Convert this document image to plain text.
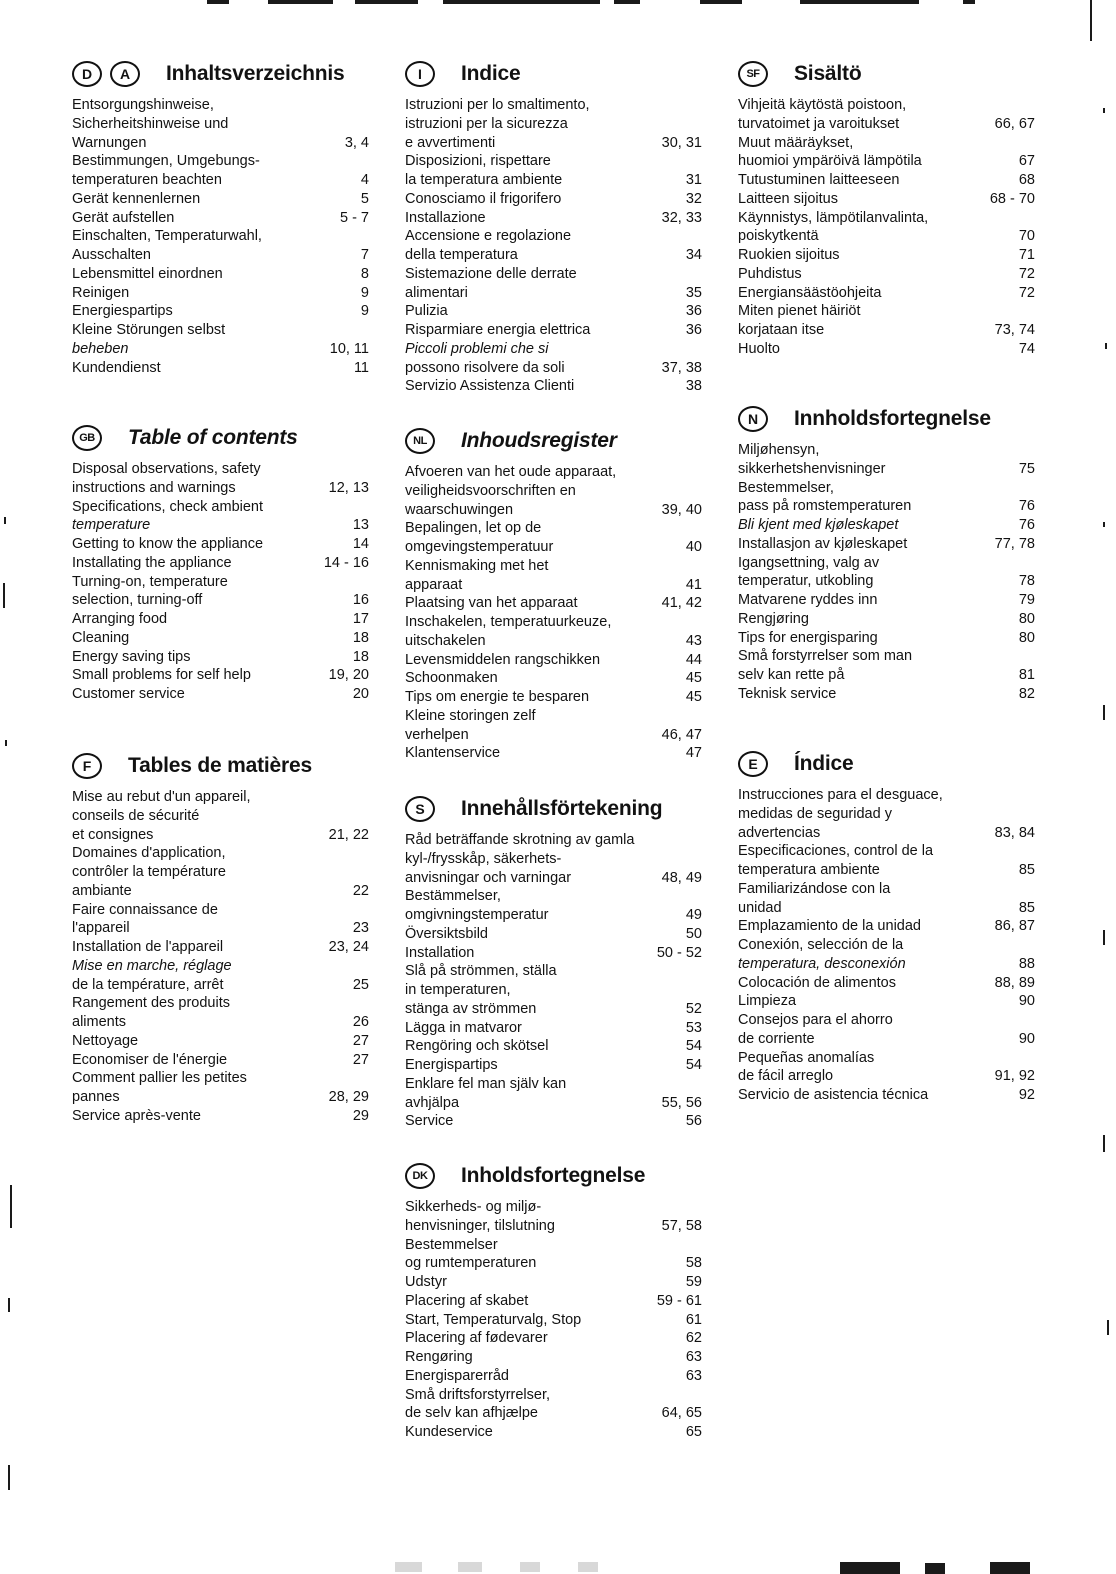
D	A	Inhaltsverzeichnis
Entsorgungshinweise,
Sicherheitshinweise und
Warnungen	3, 4
Bestimmungen, Umgebungs-
temperaturen beachten	4
Gerät kennenlernen	5
Gerät aufstellen	5 - 7
Einschalten, Temperaturwahl,
Ausschalten	7
Lebensmittel einordnen	8
Reinigen	9
Energiespartips	9
Kleine Störungen selbst
beheben	10, 11
Kundendienst	11
GB	Table of contents
Disposal observations, safety
instructions and warnings	12, 13
Specifications, check ambient
temperature	13
Getting to know the appliance	14
Installating the appliance	14 - 16
Turning-on, temperature
selection, turning-off	16
Arranging food	17
Cleaning	18
Energy saving tips	18
Small problems for self help	19, 20
Customer service	20
F	Tables de matières
Mise au rebut d'un appareil,
conseils de sécurité
et consignes	21, 22
Domaines d'application,
contrôler la température
ambiante	22
Faire connaissance de
l'appareil	23
Installation de l'appareil	23, 24
Mise en marche, réglage
de la température, arrêt	25
Rangement des produits
aliments	26
Nettoyage	27
Economiser de l'énergie	27
Comment pallier les petites
pannes	28, 29
Service après-vente	29
I	Indice
Istruzioni per lo smaltimento,
istruzioni per la sicurezza
e avvertimenti	30, 31
Disposizioni, rispettare
la temperatura ambiente	31
Conosciamo il frigorifero	32
Installazione	32, 33
Accensione e regolazione
della temperatura	34
Sistemazione delle derrate
alimentari	35
Pulizia	36
Risparmiare energia elettrica	36
Piccoli problemi che si
possono risolvere da soli	37, 38
Servizio Assistenza Clienti	38
NL	Inhoudsregister
Afvoeren van het oude apparaat,
veiligheidsvoorschriften en
waarschuwingen	39, 40
Bepalingen, let op de
omgevingstemperatuur	40
Kennismaking met het
apparaat	41
Plaatsing van het apparaat	41, 42
Inschakelen, temperatuurkeuze,
uitschakelen	43
Levensmiddelen rangschikken	44
Schoonmaken	45
Tips om energie te besparen	45
Kleine storingen zelf
verhelpen	46, 47
Klantenservice	47
S	Innehållsförtekening
Råd beträffande skrotning av gamla
kyl-/frysskåp, säkerhets-
anvisningar och varningar	48, 49
Bestämmelser,
omgivningstemperatur	49
Översiktsbild	50
Installation	50 - 52
Slå på strömmen, ställa
in temperaturen,
stänga av strömmen	52
Lägga in matvaror	53
Rengöring och skötsel	54
Energispartips	54
Enklare fel man själv kan
avhjälpa	55, 56
Service	56
DK	Inholdsfortegnelse
Sikkerheds- og miljø-
henvisninger, tilslutning	57, 58
Bestemmelser
og rumtemperaturen	58
Udstyr	59
Placering af skabet	59 - 61
Start, Temperaturvalg, Stop	61
Placering af fødevarer	62
Rengøring	63
Energisparerråd	63
Små driftsforstyrrelser,
de selv kan afhjælpe	64, 65
Kundeservice	65
SF	Sisältö
Vihjeitä käytöstä poistoon,
turvatoimet ja varoitukset	66, 67
Muut määräykset,
huomioi ympäröivä lämpötila	67
Tutustuminen laitteeseen	68
Laitteen sijoitus	68 - 70
Käynnistys, lämpötilanvalinta,
poiskytkentä	70
Ruokien sijoitus	71
Puhdistus	72
Energiansäästöohjeita	72
Miten pienet häiriöt
korjataan itse	73, 74
Huolto	74
N	Innholdsfortegnelse
Miljøhensyn,
sikkerhetshenvisninger	75
Bestemmelser,
pass på romstemperaturen	76
Bli kjent med kjøleskapet	76
Installasjon av kjøleskapet	77, 78
Igangsettning, valg av
temperatur, utkobling	78
Matvarene ryddes inn	79
Rengjøring	80
Tips for energisparing	80
Små forstyrrelser som man
selv kan rette på	81
Teknisk service	82
E	Índice
Instrucciones para el desguace,
medidas de seguridad y
advertencias	83, 84
Especificaciones, control de la
temperatura ambiente	85
Familiarizándose con la
unidad	85
Emplazamiento de la unidad	86, 87
Conexión, selección de la
temperatura, desconexión	88
Colocación de alimentos	88, 89
Limpieza	90
Consejos para el ahorro
de corriente	90
Pequeñas anomalías
de fácil arreglo	91, 92
Servicio de asistencia técnica	92
